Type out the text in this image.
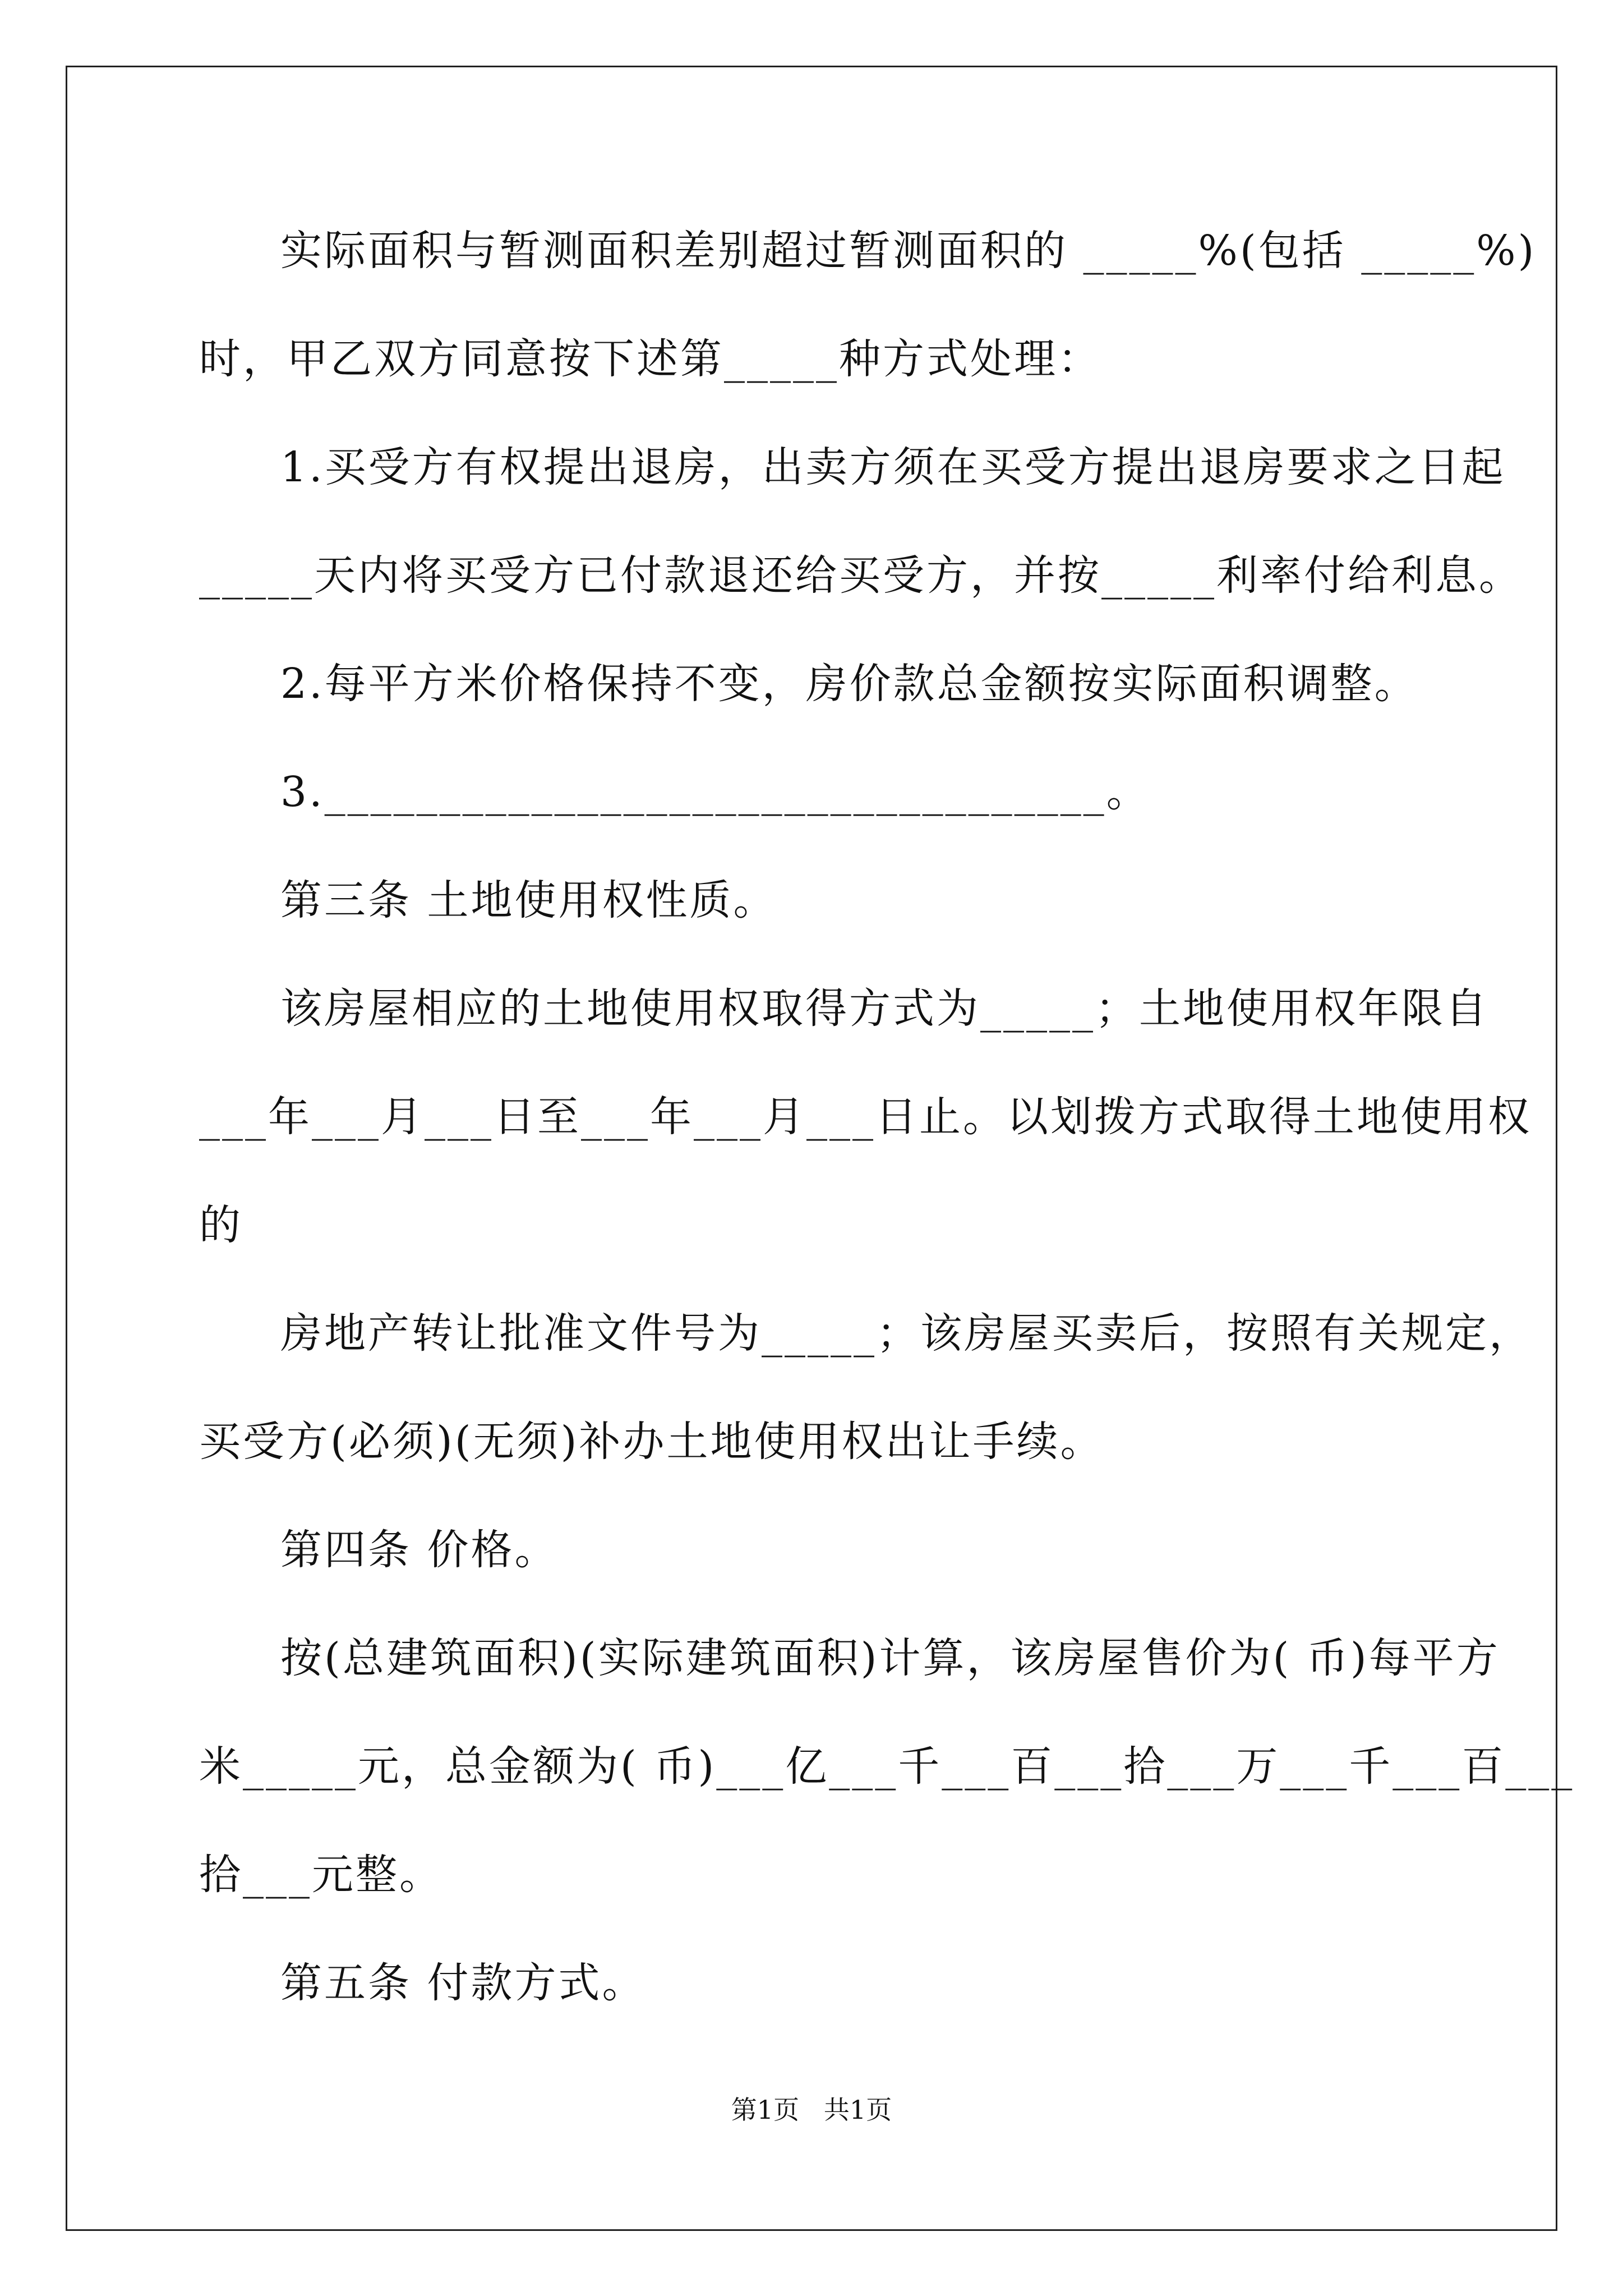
实际面积与暂测面积差别超过暂测面积的 _____%(包括 _____%)
时，甲乙双方同意按下述第_____种方式处理：
1.买受方有权提出退房，出卖方须在买受方提出退房要求之日起
_____天内将买受方已付款退还给买受方，并按_____利率付给利息。
2.每平方米价格保持不变，房价款总金额按实际面积调整。
3.__________________________________。
第三条 土地使用权性质。
该房屋相应的土地使用权取得方式为_____；土地使用权年限自
___年___月___日至___年___月___日止。以划拨方式取得土地使用权
的
房地产转让批准文件号为_____；该房屋买卖后，按照有关规定，
买受方(必须)(无须)补办土地使用权出让手续。
第四条 价格。
按(总建筑面积)(实际建筑面积)计算，该房屋售价为( 币)每平方
米_____元，总金额为( 币)___亿___千___百___拾___万___千___百___
拾___元整。
第五条 付款方式。
第1页   共1页
